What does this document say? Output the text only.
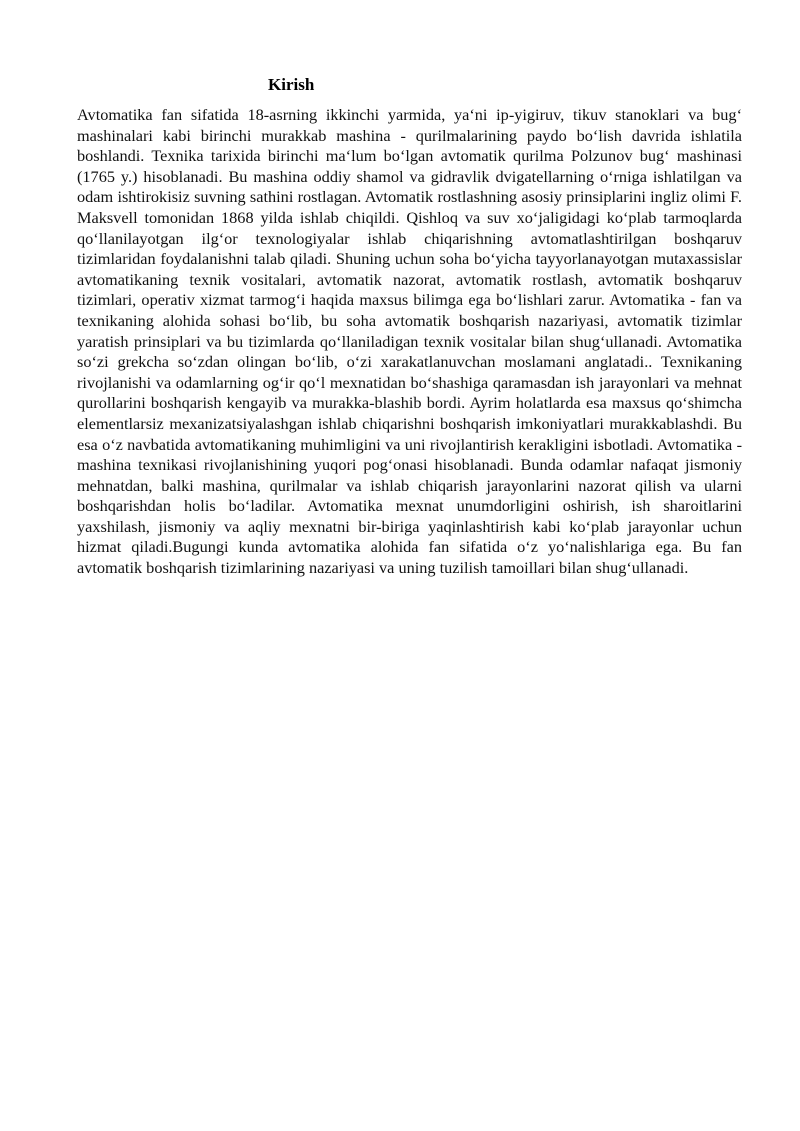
Kirish

Avtomatika fan sifatida 18-asrning ikkinchi yarmida, ya‘ni ip-yigiruv, tikuv stanoklari va bug‘ mashinalari kabi birinchi murakkab mashina - qurilmalarining paydo bo‘lish davrida ishlatila boshlandi. Texnika tarixida birinchi ma‘lum bo‘lgan avtomatik qurilma Polzunov bug‘ mashinasi (1765 y.) hisoblanadi. Bu mashina oddiy shamol va gidravlik dvigatellarning o‘rniga ishlatilgan va odam ishtirokisiz suvning sathini rostlagan. Avtomatik rostlashning asosiy prinsiplarini ingliz olimi F. Maksvell tomonidan 1868 yilda ishlab chiqildi. Qishloq va suv xo‘jaligidagi ko‘plab tarmoqlarda qo‘llanilayotgan ilg‘or texnologiyalar ishlab chiqarishning avtomatlashtirilgan boshqaruv tizimlaridan foydalanishni talab qiladi. Shuning uchun soha bo‘yicha tayyorlanayotgan mutaxassislar avtomatikaning texnik vositalari, avtomatik nazorat, avtomatik rostlash, avtomatik boshqaruv tizimlari, operativ xizmat tarmog‘i haqida maxsus bilimga ega bo‘lishlari zarur. Avtomatika - fan va texnikaning alohida sohasi bo‘lib, bu soha avtomatik boshqarish nazariyasi, avtomatik tizimlar yaratish prinsiplari va bu tizimlarda qo‘llaniladigan texnik vositalar bilan shug‘ullanadi. Avtomatika so‘zi grekcha so‘zdan olingan bo‘lib, o‘zi xarakatlanuvchan moslamani anglatadi.. Texnikaning rivojlanishi va odamlarning og‘ir qo‘l mexnatidan bo‘shashiga qaramasdan ish jarayonlari va mehnat qurollarini boshqarish kengayib va murakka-blashib bordi. Ayrim holatlarda esa maxsus qo‘shimcha elementlarsiz mexanizatsiyalashgan ishlab chiqarishni boshqarish imkoniyatlari murakkablashdi. Bu esa o‘z navbatida avtomatikaning muhimligini va uni rivojlantirish kerakligini isbotladi. Avtomatika - mashina texnikasi rivojlanishining yuqori pog‘onasi hisoblanadi. Bunda odamlar nafaqat jismoniy mehnatdan, balki mashina, qurilmalar va ishlab chiqarish jarayonlarini nazorat qilish va ularni boshqarishdan holis bo‘ladilar. Avtomatika mexnat unumdorligini oshirish, ish sharoitlarini yaxshilash, jismoniy va aqliy mexnatni bir-biriga yaqinlashtirish kabi ko‘plab jarayonlar uchun hizmat qiladi.Bugungi kunda avtomatika alohida fan sifatida o‘z yo‘nalishlariga ega. Bu fan avtomatik boshqarish tizimlarining nazariyasi va uning tuzilish tamoillari bilan shug‘ullanadi.
